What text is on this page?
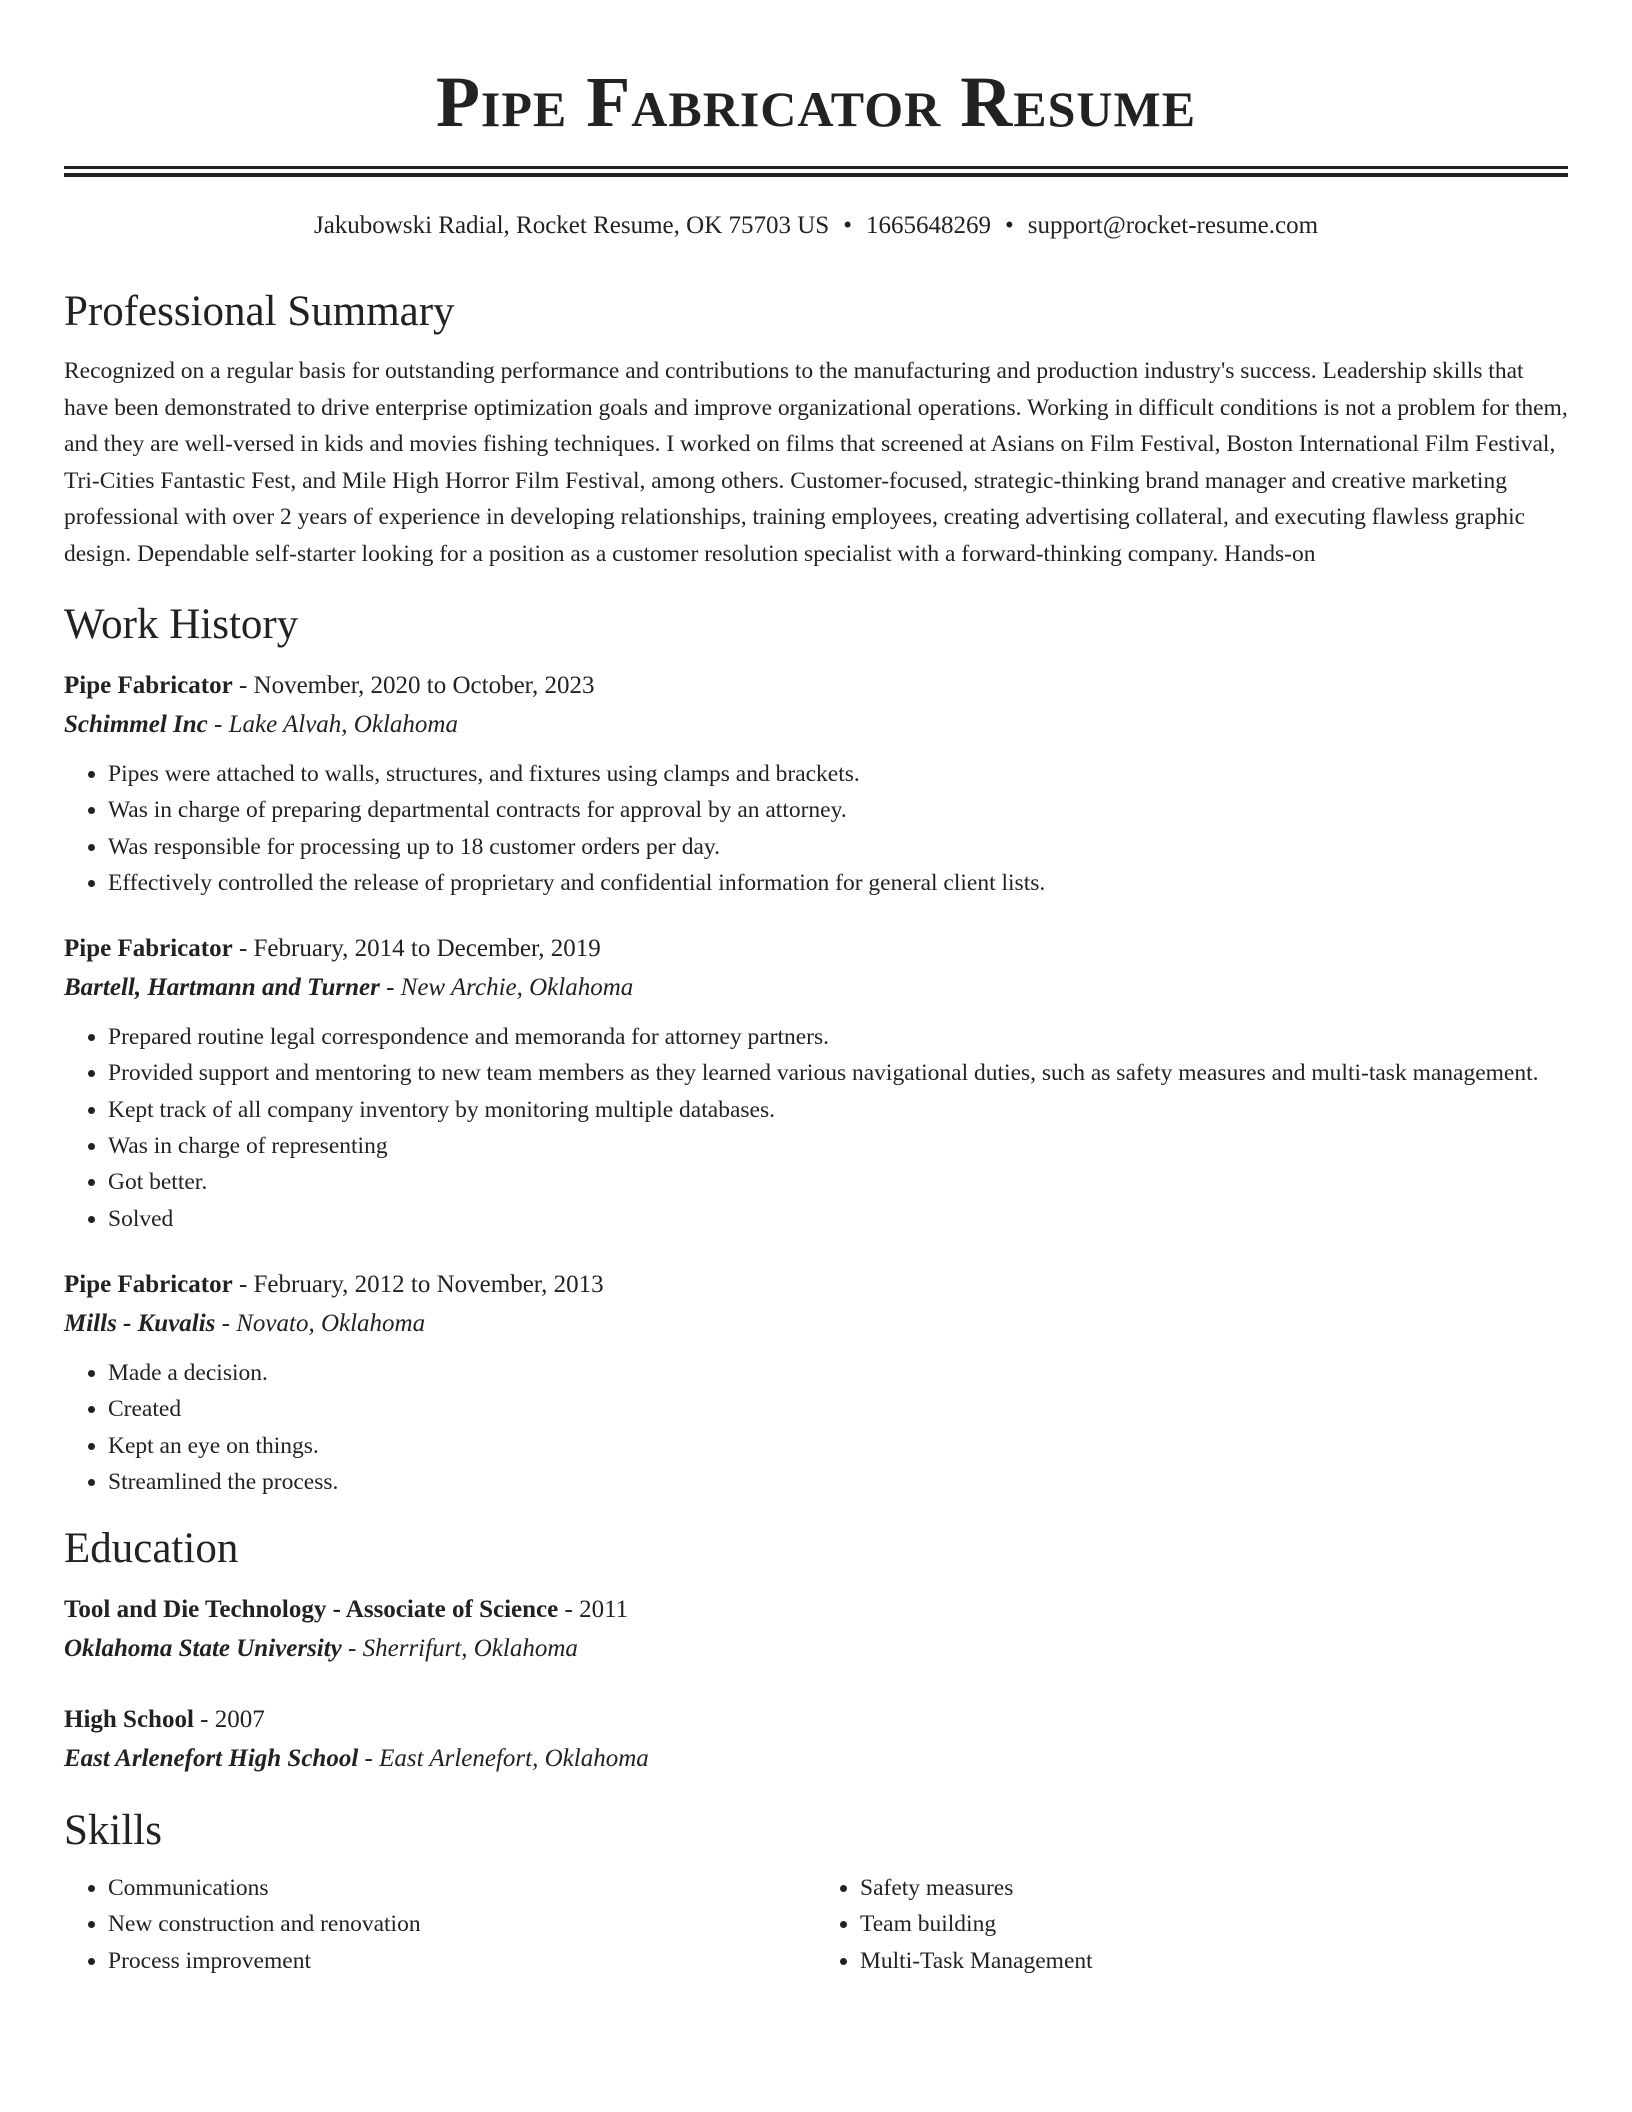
Pipe Fabricator Resume
Jakubowski Radial, Rocket Resume, OK 75703 US • 1665648269 • support@rocket-resume.com
Professional Summary

Recognized on a regular basis for outstanding performance and contributions to the manufacturing and production industry's success. Leadership skills that have been demonstrated to drive enterprise optimization goals and improve organizational operations. Working in difficult conditions is not a problem for them, and they are well-versed in kids and movies fishing techniques. I worked on films that screened at Asians on Film Festival, Boston International Film Festival, Tri-Cities Fantastic Fest, and Mile High Horror Film Festival, among others. Customer-focused, strategic-thinking brand manager and creative marketing professional with over 2 years of experience in developing relationships, training employees, creating advertising collateral, and executing flawless graphic design. Dependable self-starter looking for a position as a customer resolution specialist with a forward-thinking company. Hands-on

Work History
Pipe Fabricator - November, 2020 to October, 2023
Schimmel Inc - Lake Alvah, Oklahoma
• Pipes were attached to walls, structures, and fixtures using clamps and brackets.
• Was in charge of preparing departmental contracts for approval by an attorney.
• Was responsible for processing up to 18 customer orders per day.
• Effectively controlled the release of proprietary and confidential information for general client lists.
Pipe Fabricator - February, 2014 to December, 2019
Bartell, Hartmann and Turner - New Archie, Oklahoma
• Prepared routine legal correspondence and memoranda for attorney partners.
• Provided support and mentoring to new team members as they learned various navigational duties, such as safety measures and multi-task management.
• Kept track of all company inventory by monitoring multiple databases.
• Was in charge of representing
• Got better.
• Solved
Pipe Fabricator - February, 2012 to November, 2013
Mills - Kuvalis - Novato, Oklahoma
• Made a decision.
• Created
• Kept an eye on things.
• Streamlined the process.
Education
Tool and Die Technology - Associate of Science - 2011
Oklahoma State University - Sherrifurt, Oklahoma
High School - 2007
East Arlenefort High School - East Arlenefort, Oklahoma
Skills
• Communications
• New construction and renovation
• Process improvement
• Safety measures
• Team building
• Multi-Task Management
